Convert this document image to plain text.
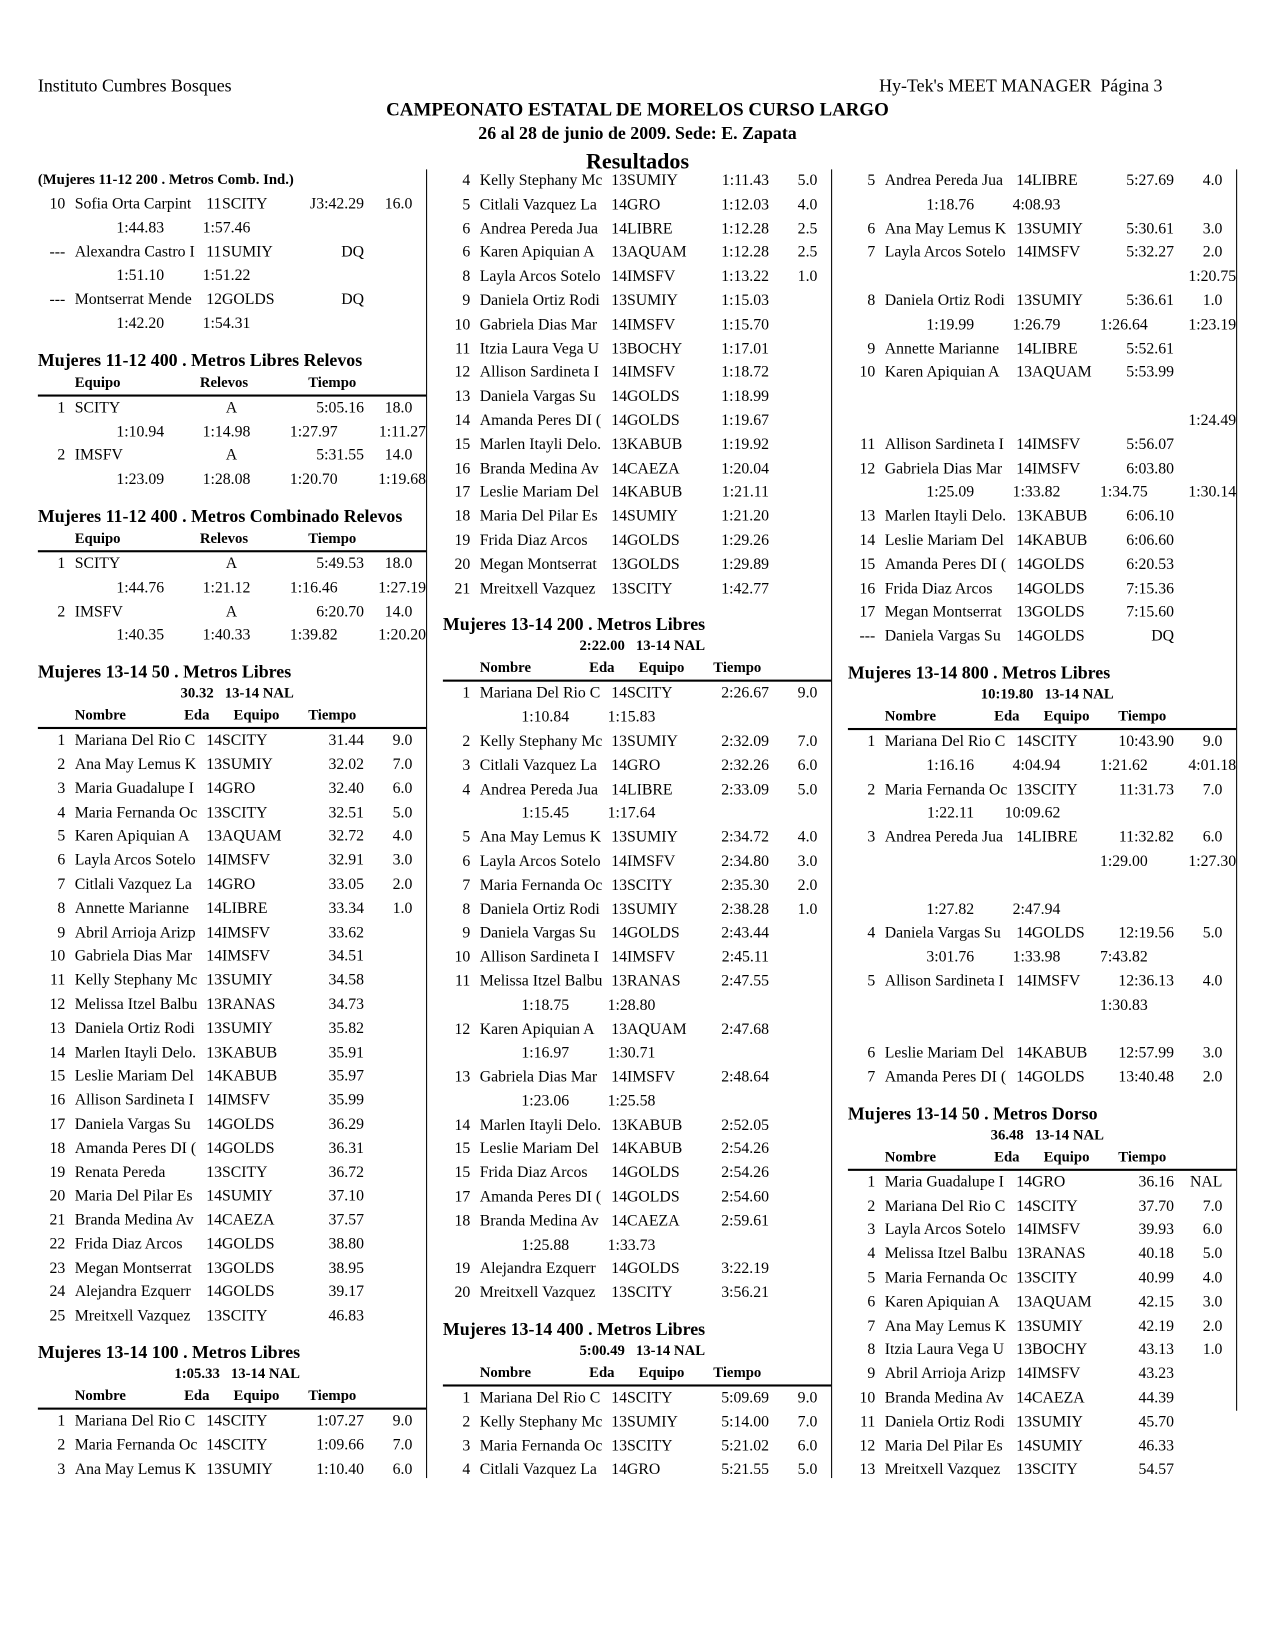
Instituto Cumbres Bosques	Hy-Tek's MEET MANAGER  Página 3
CAMPEONATO ESTATAL DE MORELOS CURSO LARGO
26 al 28 de junio de 2009. Sede: E. Zapata
Resultados
(Mujeres 11-12 200 . Metros Comb. Ind.)
10 Sofia Orta Carpint 11 SCITY	J3:42.29	16.0
1:44.83	1:57.46
--- Alexandra Castro I 11 SUMIY	DQ
1:51.10	1:51.22
--- Montserrat Mende 12 GOLDS	DQ
1:42.20	1:54.31
Mujeres 11-12 400 . Metros Libres Relevos
Equipo	Relevos	Tiempo
1 SCITY	A	5:05.16	18.0
1:10.94	1:14.98	1:27.97	1:11.27
2 IMSFV	A	5:31.55	14.0
1:23.09	1:28.08	1:20.70	1:19.68
Mujeres 11-12 400 . Metros Combinado Relevos
Equipo	Relevos	Tiempo
1 SCITY	A	5:49.53	18.0
1:44.76	1:21.12	1:16.46	1:27.19
2 IMSFV	A	6:20.70	14.0
1:40.35	1:40.33	1:39.82	1:20.20
Mujeres 13-14 50 . Metros Libres
30.32   13-14 NAL
Nombre	Eda Equipo Tiempo
1 Mariana Del Rio C 14 SCITY	31.44	9.0
2 Ana May Lemus K 13 SUMIY	32.02	7.0
3 Maria Guadalupe I 14 GRO	32.40	6.0
4 Maria Fernanda Oc 13 SCITY	32.51	5.0
5 Karen Apiquian A	13 AQUAM	32.72	4.0
6 Layla Arcos Sotelo 14 IMSFV	32.91	3.0
7 Citlali Vazquez La 14 GRO	33.05	2.0
8 Annette Marianne	14 LIBRE	33.34	1.0
9 Abril Arrioja Arizp 14 IMSFV	33.62
10 Gabriela Dias Mar 14 IMSFV	34.51
11 Kelly Stephany Mc 13 SUMIY	34.58
12 Melissa Itzel Balbu 13 RANAS	34.73
13 Daniela Ortiz Rodi 13 SUMIY	35.82
14 Marlen Itayli Delo. 13 KABUB	35.91
15 Leslie Mariam Del 14 KABUB	35.97
16 Allison Sardineta I 14 IMSFV	35.99
17 Daniela Vargas Su	14 GOLDS	36.29
18 Amanda Peres DI ( 14 GOLDS	36.31
19 Renata Pereda	13 SCITY	36.72
20 Maria Del Pilar Es 14 SUMIY	37.10
21 Branda Medina Av 14 CAEZA	37.57
22 Frida Diaz Arcos	14 GOLDS	38.80
23 Megan Montserrat 13 GOLDS	38.95
24 Alejandra Ezquerr	14 GOLDS	39.17
25 Mreitxell Vazquez	13 SCITY	46.83
Mujeres 13-14 100 . Metros Libres
1:05.33   13-14 NAL
Nombre	Eda Equipo Tiempo
1 Mariana Del Rio C 14 SCITY	1:07.27	9.0
2 Maria Fernanda Oc 14 SCITY	1:09.66	7.0
3 Ana May Lemus K 13 SUMIY	1:10.40	6.0
4 Kelly Stephany Mc 13 SUMIY	1:11.43	5.0
5 Citlali Vazquez La 14 GRO	1:12.03	4.0
6 Andrea Pereda Jua 14 LIBRE	1:12.28	2.5
6 Karen Apiquian A	13 AQUAM	1:12.28	2.5
8 Layla Arcos Sotelo 14 IMSFV	1:13.22	1.0
9 Daniela Ortiz Rodi 13 SUMIY	1:15.03
10 Gabriela Dias Mar 14 IMSFV	1:15.70
11 Itzia Laura Vega U 13 BOCHY	1:17.01
12 Allison Sardineta I 14 IMSFV	1:18.72
13 Daniela Vargas Su	14 GOLDS	1:18.99
14 Amanda Peres DI ( 14 GOLDS	1:19.67
15 Marlen Itayli Delo. 13 KABUB	1:19.92
16 Branda Medina Av 14 CAEZA	1:20.04
17 Leslie Mariam Del 14 KABUB	1:21.11
18 Maria Del Pilar Es 14 SUMIY	1:21.20
19 Frida Diaz Arcos	14 GOLDS	1:29.26
20 Megan Montserrat 13 GOLDS	1:29.89
21 Mreitxell Vazquez	13 SCITY	1:42.77
Mujeres 13-14 200 . Metros Libres
2:22.00   13-14 NAL
Nombre	Eda Equipo Tiempo
1 Mariana Del Rio C 14 SCITY	2:26.67	9.0
1:10.84	1:15.83
2 Kelly Stephany Mc 13 SUMIY	2:32.09	7.0
3 Citlali Vazquez La 14 GRO	2:32.26	6.0
4 Andrea Pereda Jua 14 LIBRE	2:33.09	5.0
1:15.45	1:17.64
5 Ana May Lemus K 13 SUMIY	2:34.72	4.0
6 Layla Arcos Sotelo 14 IMSFV	2:34.80	3.0
7 Maria Fernanda Oc 13 SCITY	2:35.30	2.0
8 Daniela Ortiz Rodi 13 SUMIY	2:38.28	1.0
9 Daniela Vargas Su	14 GOLDS	2:43.44
10 Allison Sardineta I 14 IMSFV	2:45.11
11 Melissa Itzel Balbu 13 RANAS	2:47.55
1:18.75	1:28.80
12 Karen Apiquian A	13 AQUAM	2:47.68
1:16.97	1:30.71
13 Gabriela Dias Mar 14 IMSFV	2:48.64
1:23.06	1:25.58
14 Marlen Itayli Delo. 13 KABUB	2:52.05
15 Leslie Mariam Del 14 KABUB	2:54.26
15 Frida Diaz Arcos	14 GOLDS	2:54.26
17 Amanda Peres DI ( 14 GOLDS	2:54.60
18 Branda Medina Av 14 CAEZA	2:59.61
1:25.88	1:33.73
19 Alejandra Ezquerr	14 GOLDS	3:22.19
20 Mreitxell Vazquez	13 SCITY	3:56.21
Mujeres 13-14 400 . Metros Libres
5:00.49   13-14 NAL
Nombre	Eda Equipo Tiempo
1 Mariana Del Rio C 14 SCITY	5:09.69	9.0
2 Kelly Stephany Mc 13 SUMIY	5:14.00	7.0
3 Maria Fernanda Oc 13 SCITY	5:21.02	6.0
4 Citlali Vazquez La 14 GRO	5:21.55	5.0
5 Andrea Pereda Jua 14 LIBRE	5:27.69	4.0
1:18.76	4:08.93
6 Ana May Lemus K 13 SUMIY	5:30.61	3.0
7 Layla Arcos Sotelo 14 IMSFV	5:32.27	2.0
1:20.75
8 Daniela Ortiz Rodi 13 SUMIY	5:36.61	1.0
1:19.99	1:26.79	1:26.64	1:23.19
9 Annette Marianne	14 LIBRE	5:52.61
10 Karen Apiquian A	13 AQUAM	5:53.99
1:24.49
11 Allison Sardineta I 14 IMSFV	5:56.07
12 Gabriela Dias Mar 14 IMSFV	6:03.80
1:25.09	1:33.82	1:34.75	1:30.14
13 Marlen Itayli Delo. 13 KABUB	6:06.10
14 Leslie Mariam Del 14 KABUB	6:06.60
15 Amanda Peres DI ( 14 GOLDS	6:20.53
16 Frida Diaz Arcos	14 GOLDS	7:15.36
17 Megan Montserrat 13 GOLDS	7:15.60
--- Daniela Vargas Su	14 GOLDS	DQ
Mujeres 13-14 800 . Metros Libres
10:19.80   13-14 NAL
Nombre	Eda Equipo Tiempo
1 Mariana Del Rio C 14 SCITY	10:43.90	9.0
1:16.16	4:04.94	1:21.62	4:01.18
2 Maria Fernanda Oc 13 SCITY	11:31.73	7.0
1:22.11	10:09.62
3 Andrea Pereda Jua 14 LIBRE	11:32.82	6.0
1:29.00	1:27.30
1:27.82	2:47.94
4 Daniela Vargas Su	14 GOLDS	12:19.56	5.0
3:01.76	1:33.98	7:43.82
5 Allison Sardineta I 14 IMSFV	12:36.13	4.0
1:30.83
6 Leslie Mariam Del 14 KABUB	12:57.99	3.0
7 Amanda Peres DI ( 14 GOLDS	13:40.48	2.0
Mujeres 13-14 50 . Metros Dorso
36.48   13-14 NAL
Nombre	Eda Equipo Tiempo
1 Maria Guadalupe I 14 GRO	36.16 NAL
2 Mariana Del Rio C 14 SCITY	37.70	7.0
3 Layla Arcos Sotelo 14 IMSFV	39.93	6.0
4 Melissa Itzel Balbu 13 RANAS	40.18	5.0
5 Maria Fernanda Oc 13 SCITY	40.99	4.0
6 Karen Apiquian A	13 AQUAM	42.15	3.0
7 Ana May Lemus K 13 SUMIY	42.19	2.0
8 Itzia Laura Vega U 13 BOCHY	43.13	1.0
9 Abril Arrioja Arizp 14 IMSFV	43.23
10 Branda Medina Av 14 CAEZA	44.39
11 Daniela Ortiz Rodi 13 SUMIY	45.70
12 Maria Del Pilar Es 14 SUMIY	46.33
13 Mreitxell Vazquez	13 SCITY	54.57
